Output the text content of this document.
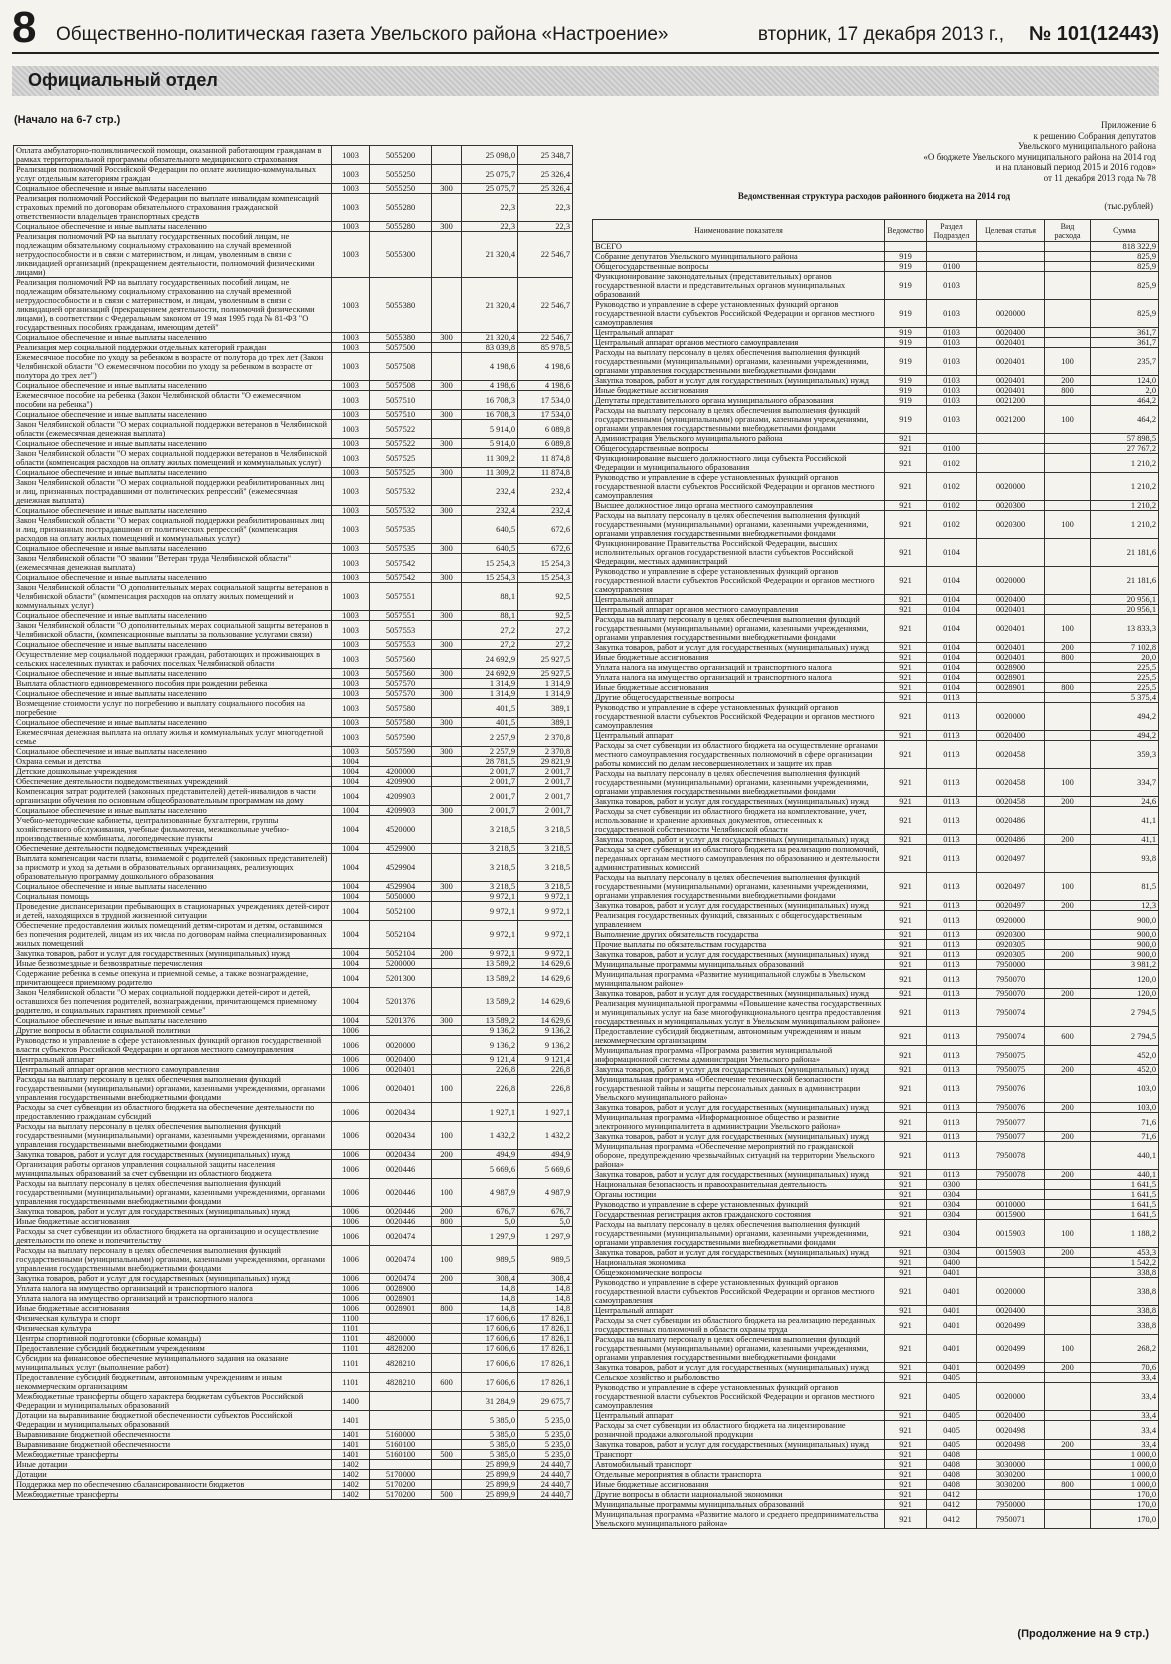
8 Общественно-политическая газета Увельского района «Настроение»	вторник, 17 декабря 2013 г., № 101(12443)
Официальный отдел
(Начало на 6-7 стр.)	Приложение 6
к решению Собрания депутатов
Увельского муниципального района
«О бюджете Увельского муниципального района на 2014 год
и на плановый период 2015 и 2016 годов»
от 11 декабря 2013 года № 78
Ведомственная структура расходов районного бюджета на 2014 год
(тыс.рублей)
Оплата амбулаторно-поликлинической помощи, оказанной работающим гражданам в рамках территориальной программы обязательного медицинского страхования	1003	5055200		25 098,0	25 348,7
Реализация полномочий Российской Федерации по оплате жилищно-коммунальных услуг отдельным категориям граждан	1003	5055250		25 075,7	25 326,4
Социальное обеспечение и иные выплаты населению	1003	5055250	300	25 075,7	25 326,4
Реализация полномочий Российской Федерации по выплате инвалидам компенсаций страховых премий по договорам обязательного страхования гражданской ответственности владельцев транспортных средств	1003	5055280		22,3	22,3
Социальное обеспечение и иные выплаты населению	1003	5055280	300	22,3	22,3
Реализация полномочий РФ на выплату государственных пособий лицам, не подлежащим обязательному социальному страхованию на случай временной нетрудоспособности и в связи с материнством, и лицам, уволенным в связи с ликвидацией организаций (прекращением деятельности, полномочий физическими лицами)	1003	5055300		21 320,4	22 546,7
Реализация полномочий РФ на выплату государственных пособий лицам, не подлежащим обязательному социальному страхованию на случай временной нетрудоспособности и в связи с материнством, и лицам, уволенным в связи с ликвидацией организаций (прекращением деятельности, полномочий физическими лицами), в соответствии с Федеральным законом от 19 мая 1995 года № 81-ФЗ "О государственных пособиях гражданам, имеющим детей"	1003	5055380		21 320,4	22 546,7
Социальное обеспечение и иные выплаты населению	1003	5055380	300	21 320,4	22 546,7
Реализация мер социальной поддержки отдельных категорий граждан	1003	5057500		83 039,8	85 978,5
Ежемесячное пособие по уходу за ребенком в возрасте от полутора до трех лет (Закон Челябинской области "О ежемесячном пособии по уходу за ребенком в возрасте от полутора до трех лет")	1003	5057508		4 198,6	4 198,6
Социальное обеспечение и иные выплаты населению	1003	5057508	300	4 198,6	4 198,6
Ежемесячное пособие на ребенка (Закон Челябинской области "О ежемесячном пособии на ребенка")	1003	5057510		16 708,3	17 534,0
Социальное обеспечение и иные выплаты населению	1003	5057510	300	16 708,3	17 534,0
Закон Челябинской области "О мерах социальной поддержки ветеранов в Челябинской области (ежемесячная денежная выплата)	1003	5057522		5 914,0	6 089,8
Социальное обеспечение и иные выплаты населению	1003	5057522	300	5 914,0	6 089,8
Закон Челябинской области "О мерах социальной поддержки ветеранов в Челябинской области (компенсация расходов на оплату жилых помещений и коммунальных услуг)	1003	5057525		11 309,2	11 874,8
Социальное обеспечение и иные выплаты населению	1003	5057525	300	11 309,2	11 874,8
Закон Челябинской области "О мерах социальной поддержки реабилитированных лиц и лиц, признанных пострадавшими от политических репрессий" (ежемесячная денежная выплата)	1003	5057532		232,4	232,4
Социальное обеспечение и иные выплаты населению	1003	5057532	300	232,4	232,4
Закон Челябинской области "О мерах социальной поддержки реабилитированных лиц и лиц, признанных пострадавшими от политических репрессий" (компенсация расходов на оплату жилых помещений и коммунальных услуг)	1003	5057535		640,5	672,6
Социальное обеспечение и иные выплаты населению	1003	5057535	300	640,5	672,6
Закон Челябинской области "О звании "Ветеран труда Челябинской области" (ежемесячная денежная выплата)	1003	5057542		15 254,3	15 254,3
Социальное обеспечение и иные выплаты населению	1003	5057542	300	15 254,3	15 254,3
Закон Челябинской области "О дополнительных мерах социальной защиты ветеранов в Челябинской области" (компенсация расходов на оплату жилых помещений и коммунальных услуг)	1003	5057551		88,1	92,5
Социальное обеспечение и иные выплаты населению	1003	5057551	300	88,1	92,5
Закон Челябинской области "О дополнительных мерах социальной защиты ветеранов в Челябинской области, (компенсационные выплаты за пользование услугами связи)	1003	5057553		27,2	27,2
Социальное обеспечение и иные выплаты населению	1003	5057553	300	27,2	27,2
Осуществление мер социальной поддержки граждан, работающих и проживающих в сельских населенных пунктах и рабочих поселках Челябинской области	1003	5057560		24 692,9	25 927,5
Социальное обеспечение и иные выплаты населению	1003	5057560	300	24 692,9	25 927,5
Выплата областного единовременного пособия при рождении ребенка	1003	5057570		1 314,9	1 314,9
Социальное обеспечение и иные выплаты населению	1003	5057570	300	1 314,9	1 314,9
Возмещение стоимости услуг по погребению и выплату социального пособия на погребение	1003	5057580		401,5	389,1
Социальное обеспечение и иные выплаты населению	1003	5057580	300	401,5	389,1
Ежемесячная денежная выплата на оплату жилья и коммунальных услуг многодетной семье	1003	5057590		2 257,9	2 370,8
Социальное обеспечение и иные выплаты населению	1003	5057590	300	2 257,9	2 370,8
Охрана семьи и детства	1004			28 781,5	29 821,9
Детские дошкольные учреждения	1004	4200000		2 001,7	2 001,7
Обеспечение деятельности подведомственных учреждений	1004	4209900		2 001,7	2 001,7
Компенсация затрат родителей (законных представителей) детей-инвалидов в части организации обучения по основным общеобразовательным программам на дому	1004	4209903		2 001,7	2 001,7
Социальное обеспечение и иные выплаты населению	1004	4209903	300	2 001,7	2 001,7
Учебно-методические кабинеты, централизованные бухгалтерии, группы хозяйственного обслуживания, учебные фильмотеки, межшкольные учебно-производственные комбинаты, логопедические пункты	1004	4520000		3 218,5	3 218,5
Обеспечение деятельности подведомственных учреждений	1004	4529900		3 218,5	3 218,5
Выплата компенсации части платы, взимаемой с родителей (законных представителей) за присмотр и уход за детьми в образовательных организациях, реализующих образовательную программу дошкольного образования	1004	4529904		3 218,5	3 218,5
Социальное обеспечение и иные выплаты населению	1004	4529904	300	3 218,5	3 218,5
Социальная помощь	1004	5050000		9 972,1	9 972,1
Проведение диспансеризации пребывающих в стационарных учреждениях детей-сирот и детей, находящихся в трудной жизненной ситуации	1004	5052100		9 972,1	9 972,1
Обеспечение предоставления жилых помещений детям-сиротам и детям, оставшимся без попечения родителей, лицам из их числа по договорам найма специализированных жилых помещений	1004	5052104		9 972,1	9 972,1
Закупка товаров, работ и услуг для государственных (муниципальных) нужд	1004	5052104	200	9 972,1	9 972,1
Иные безвозмездные и безвозвратные перечисления	1004	5200000		13 589,2	14 629,6
Содержание ребенка в семье опекуна и приемной семье, а также вознаграждение, причитающееся приемному родителю	1004	5201300		13 589,2	14 629,6
Закон Челябинской области "О мерах социальной поддержки детей-сирот и детей, оставшихся без попечения родителей, вознаграждении, причитающемся приемному родителю, и социальных гарантиях приемной семье"	1004	5201376		13 589,2	14 629,6
Социальное обеспечение и иные выплаты населению	1004	5201376	300	13 589,2	14 629,6
Другие вопросы в области социальной политики	1006			9 136,2	9 136,2
Руководство и управление в сфере установленных функций органов государственной власти субъектов Российской Федерации и органов местного самоуправления	1006	0020000		9 136,2	9 136,2
Центральный аппарат	1006	0020400		9 121,4	9 121,4
Центральный аппарат органов местного самоуправления	1006	0020401		226,8	226,8
Расходы на выплату персоналу в целях обеспечения выполнения функций государственными (муниципальными) органами, казенными учреждениями, органами управления государственными внебюджетными фондами	1006	0020401	100	226,8	226,8
Расходы за счет субвенции из областного бюджета на обеспечение деятельности по предоставлению гражданам субсидий	1006	0020434		1 927,1	1 927,1
Расходы на выплату персоналу в целях обеспечения выполнения функций государственными (муниципальными) органами, казенными учреждениями, органами управления государственными внебюджетными фондами	1006	0020434	100	1 432,2	1 432,2
Закупка товаров, работ и услуг для государственных (муниципальных) нужд	1006	0020434	200	494,9	494,9
Организация работы органов управления социальной защиты населения муниципальных образований за счет субвенции из областного бюджета	1006	0020446		5 669,6	5 669,6
Расходы на выплату персоналу в целях обеспечения выполнения функций государственными (муниципальными) органами, казенными учреждениями, органами управления государственными внебюджетными фондами	1006	0020446	100	4 987,9	4 987,9
Закупка товаров, работ и услуг для государственных (муниципальных) нужд	1006	0020446	200	676,7	676,7
Иные бюджетные ассигнования	1006	0020446	800	5,0	5,0
Расходы за счет субвенции из областного бюджета на организацию и осуществление деятельности по опеке и попечительству	1006	0020474		1 297,9	1 297,9
Расходы на выплату персоналу в целях обеспечения выполнения функций государственными (муниципальными) органами, казенными учреждениями, органами управления государственными внебюджетными фондами	1006	0020474	100	989,5	989,5
Закупка товаров, работ и услуг для государственных (муниципальных) нужд	1006	0020474	200	308,4	308,4
Уплата налога на имущество организаций и транспортного налога	1006	0028900		14,8	14,8
Уплата налога на имущество организаций и транспортного налога	1006	0028901		14,8	14,8
Иные бюджетные ассигнования	1006	0028901	800	14,8	14,8
Физическая культура и спорт	1100			17 606,6	17 826,1
Физическая культура	1101			17 606,6	17 826,1
Центры спортивной подготовки (сборные команды)	1101	4820000		17 606,6	17 826,1
Предоставление субсидий бюджетным учреждениям	1101	4828200		17 606,6	17 826,1
Субсидии на финансовое обеспечение муниципального задания на оказание муниципальных услуг (выполнение работ)	1101	4828210		17 606,6	17 826,1
Предоставление субсидий бюджетным, автономным учреждениям и иным некоммерческим организациям	1101	4828210	600	17 606,6	17 826,1
Межбюджетные трансферты общего характера бюджетам субъектов Российской Федерации и муниципальных образований	1400			31 284,9	29 675,7
Дотации на выравнивание бюджетной обеспеченности субъектов Российской Федерации и муниципальных образований	1401			5 385,0	5 235,0
Выравнивание бюджетной обеспеченности	1401	5160000		5 385,0	5 235,0
Выравнивание бюджетной обеспеченности	1401	5160100		5 385,0	5 235,0
Межбюджетные трансферты	1401	5160100	500	5 385,0	5 235,0
Иные дотации	1402			25 899,9	24 440,7
Дотации	1402	5170000		25 899,9	24 440,7
Поддержка мер по обеспечению сбалансированности бюджетов	1402	5170200		25 899,9	24 440,7
Межбюджетные трансферты	1402	5170200	500	25 899,9	24 440,7
Наименование показателя	Ведомство	Раздел Подраздел	Целевая статья	Вид расхода	Сумма
ВСЕГО					818 322,9
Собрание депутатов Увельского муниципального района	919				825,9
Общегосударственные вопросы	919	0100			825,9
Функционирование законодательных (представительных) органов государственной власти и представительных органов муниципальных образований	919	0103			825,9
Руководство и управление в сфере установленных функций органов государственной власти субъектов Российской Федерации и органов местного самоуправления	919	0103	0020000		825,9
Центральный аппарат	919	0103	0020400		361,7
Центральный аппарат органов местного самоуправления	919	0103	0020401		361,7
Расходы на выплату персоналу в целях обеспечения выполнения функций государственными (муниципальными) органами, казенными учреждениями, органами управления государственными внебюджетными фондами	919	0103	0020401	100	235,7
Закупка товаров, работ и услуг для государственных (муниципальных) нужд	919	0103	0020401	200	124,0
Иные бюджетные ассигнования	919	0103	0020401	800	2,0
Депутаты представительного органа муниципального образования	919	0103	0021200		464,2
Расходы на выплату персоналу в целях обеспечения выполнения функций государственными (муниципальными) органами, казенными учреждениями, органами управления государственными внебюджетными фондами	919	0103	0021200	100	464,2
Администрация Увельского муниципального района	921				57 898,5
Общегосударственные вопросы	921	0100			27 767,2
Функционирование высшего должностного лица субъекта Российской Федерации и муниципального образования	921	0102			1 210,2
Руководство и управление в сфере установленных функций органов государственной власти субъектов Российской Федерации и органов местного самоуправления	921	0102	0020000		1 210,2
Высшее должностное лицо органа местного самоуправления	921	0102	0020300		1 210,2
Расходы на выплату персоналу в целях обеспечения выполнения функций государственными (муниципальными) органами, казенными учреждениями, органами управления государственными внебюджетными фондами	921	0102	0020300	100	1 210,2
Функционирование Правительства Российской Федерации, высших исполнительных органов государственной власти субъектов Российской Федерации, местных администраций	921	0104			21 181,6
Руководство и управление в сфере установленных функций органов государственной власти субъектов Российской Федерации и органов местного самоуправления	921	0104	0020000		21 181,6
Центральный аппарат	921	0104	0020400		20 956,1
Центральный аппарат органов местного самоуправления	921	0104	0020401		20 956,1
Расходы на выплату персоналу в целях обеспечения выполнения функций государственными (муниципальными) органами, казенными учреждениями, органами управления государственными внебюджетными фондами	921	0104	0020401	100	13 833,3
Закупка товаров, работ и услуг для государственных (муниципальных) нужд	921	0104	0020401	200	7 102,8
Иные бюджетные ассигнования	921	0104	0020401	800	20,0
Уплата налога на имущество организаций и транспортного налога	921	0104	0028900		225,5
Уплата налога на имущество организаций и транспортного налога	921	0104	0028901		225,5
Иные бюджетные ассигнования	921	0104	0028901	800	225,5
Другие общегосударственные вопросы	921	0113			5 375,4
Руководство и управление в сфере установленных функций органов государственной власти субъектов Российской Федерации и органов местного самоуправления	921	0113	0020000		494,2
Центральный аппарат	921	0113	0020400		494,2
Расходы за счет субвенции из областного бюджета на осуществление органами местного самоуправления государственных полномочий в сфере организации работы комиссий по делам несовершеннолетних и защите их прав	921	0113	0020458		359,3
Расходы на выплату персоналу в целях обеспечения выполнения функций государственными (муниципальными) органами, казенными учреждениями, органами управления государственными внебюджетными фондами	921	0113	0020458	100	334,7
Закупка товаров, работ и услуг для государственных (муниципальных) нужд	921	0113	0020458	200	24,6
Расходы за счет субвенции из областного бюджета на комплектование, учет, использование и хранение архивных документов, отнесенных к государственной собственности Челябинской области	921	0113	0020486		41,1
Закупка товаров, работ и услуг для государственных (муниципальных) нужд	921	0113	0020486	200	41,1
Расходы за счет субвенции из областного бюджета на реализацию полномочий, переданных органам местного самоуправления по образованию и деятельности административных комиссий	921	0113	0020497		93,8
Расходы на выплату персоналу в целях обеспечения выполнения функций государственными (муниципальными) органами, казенными учреждениями, органами управления государственными внебюджетными фондами	921	0113	0020497	100	81,5
Закупка товаров, работ и услуг для государственных (муниципальных) нужд	921	0113	0020497	200	12,3
Реализация государственных функций, связанных с общегосударственным управлением	921	0113	0920000		900,0
Выполнение других обязательств государства	921	0113	0920300		900,0
Прочие выплаты по обязательствам государства	921	0113	0920305		900,0
Закупка товаров, работ и услуг для государственных (муниципальных) нужд	921	0113	0920305	200	900,0
Муниципальные программы муниципальных образований	921	0113	7950000		3 981,2
Муниципальная программа «Развитие муниципальной службы в Увельском муниципальном районе»	921	0113	7950070		120,0
Закупка товаров, работ и услуг для государственных (муниципальных) нужд	921	0113	7950070	200	120,0
Реализация муниципальной программы «Повышение качества государственных и муниципальных услуг на базе многофункционального центра предоставления государственных и муниципальных услуг в Увельском муниципальном районе»	921	0113	7950074		2 794,5
Предоставление субсидий бюджетным, автономным учреждениям и иным некоммерческим организациям	921	0113	7950074	600	2 794,5
Муниципальная программа «Программа развития муниципальной информационной системы администрации Увельского района»	921	0113	7950075		452,0
Закупка товаров, работ и услуг для государственных (муниципальных) нужд	921	0113	7950075	200	452,0
Муниципальная программа «Обеспечение технической безопасности государственной тайны и защиты персональных данных в администрации Увельского муниципального района»	921	0113	7950076		103,0
Закупка товаров, работ и услуг для государственных (муниципальных) нужд	921	0113	7950076	200	103,0
Муниципальная программа «Информационное общество и развитие электронного муниципалитета в администрации Увельского района»	921	0113	7950077		71,6
Закупка товаров, работ и услуг для государственных (муниципальных) нужд	921	0113	7950077	200	71,6
Муниципальная программа «Обеспечение мероприятий по гражданской обороне, предупреждению чрезвычайных ситуаций на территории Увельского района»	921	0113	7950078		440,1
Закупка товаров, работ и услуг для государственных (муниципальных) нужд	921	0113	7950078	200	440,1
Национальная безопасность и правоохранительная деятельность	921	0300			1 641,5
Органы юстиции	921	0304			1 641,5
Руководство и управление в сфере установленных функций	921	0304	0010000		1 641,5
Государственная регистрация актов гражданского состояния	921	0304	0015900		1 641,5
Расходы на выплату персоналу в целях обеспечения выполнения функций государственными (муниципальными) органами, казенными учреждениями, органами управления государственными внебюджетными фондами	921	0304	0015903	100	1 188,2
Закупка товаров, работ и услуг для государственных (муниципальных) нужд	921	0304	0015903	200	453,3
Национальная экономика	921	0400			1 542,2
Общеэкономические вопросы	921	0401			338,8
Руководство и управление в сфере установленных функций органов государственной власти субъектов Российской Федерации и органов местного самоуправления	921	0401	0020000		338,8
Центральный аппарат	921	0401	0020400		338,8
Расходы за счет субвенции из областного бюджета на реализацию переданных государственных полномочий в области охраны труда	921	0401	0020499		338,8
Расходы на выплату персоналу в целях обеспечения выполнения функций государственными (муниципальными) органами, казенными учреждениями, органами управления государственными внебюджетными фондами	921	0401	0020499	100	268,2
Закупка товаров, работ и услуг для государственных (муниципальных) нужд	921	0401	0020499	200	70,6
Сельское хозяйство и рыболовство	921	0405			33,4
Руководство и управление в сфере установленных функций органов государственной власти субъектов Российской Федерации и органов местного самоуправления	921	0405	0020000		33,4
Центральный аппарат	921	0405	0020400		33,4
Расходы за счет субвенции из областного бюджета на лицензирование розничной продажи алкогольной продукции	921	0405	0020498		33,4
Закупка товаров, работ и услуг для государственных (муниципальных) нужд	921	0405	0020498	200	33,4
Транспорт	921	0408			1 000,0
Автомобильный транспорт	921	0408	3030000		1 000,0
Отдельные мероприятия в области транспорта	921	0408	3030200		1 000,0
Иные бюджетные ассигнования	921	0408	3030200	800	1 000,0
Другие вопросы в области национальной экономики	921	0412			170,0
Муниципальные программы муниципальных образований	921	0412	7950000		170,0
Муниципальная программа «Развитие малого и среднего предпринимательства Увельского муниципального района»	921	0412	7950071		170,0
(Продолжение на 9 стр.)
